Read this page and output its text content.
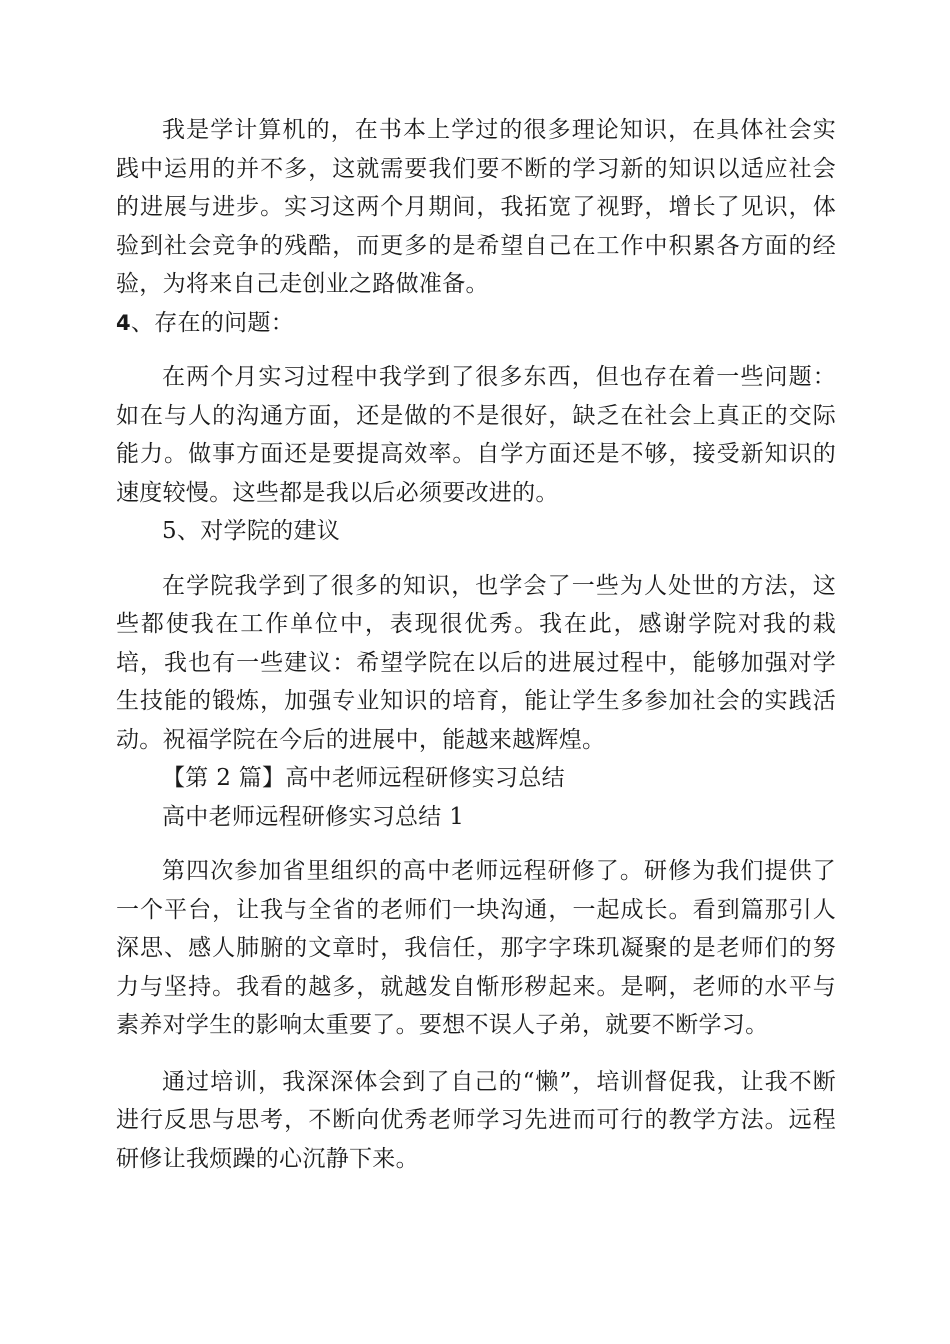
我是学计算机的，在书本上学过的很多理论知识，在具体社会实践中运用的并不多，这就需要我们要不断的学习新的知识以适应社会的进展与进步。实习这两个月期间，我拓宽了视野，增长了见识，体验到社会竞争的残酷，而更多的是希望自己在工作中积累各方面的经验，为将来自己走创业之路做准备。

4、存在的问题：

在两个月实习过程中我学到了很多东西，但也存在着一些问题：如在与人的沟通方面，还是做的不是很好，缺乏在社会上真正的交际能力。做事方面还是要提高效率。自学方面还是不够，接受新知识的速度较慢。这些都是我以后必须要改进的。

5、对学院的建议

在学院我学到了很多的知识，也学会了一些为人处世的方法，这些都使我在工作单位中，表现很优秀。我在此，感谢学院对我的栽培，我也有一些建议：希望学院在以后的进展过程中，能够加强对学生技能的锻炼，加强专业知识的培育，能让学生多参加社会的实践活动。祝福学院在今后的进展中，能越来越辉煌。

【第 2 篇】高中老师远程研修实习总结

高中老师远程研修实习总结 1

第四次参加省里组织的高中老师远程研修了。研修为我们提供了一个平台，让我与全省的老师们一块沟通，一起成长。看到篇那引人深思、感人肺腑的文章时，我信任，那字字珠玑凝聚的是老师们的努力与坚持。我看的越多，就越发自惭形秽起来。是啊，老师的水平与素养对学生的影响太重要了。要想不误人子弟，就要不断学习。

通过培训，我深深体会到了自己的“懒”，培训督促我，让我不断进行反思与思考，不断向优秀老师学习先进而可行的教学方法。远程研修让我烦躁的心沉静下来。
